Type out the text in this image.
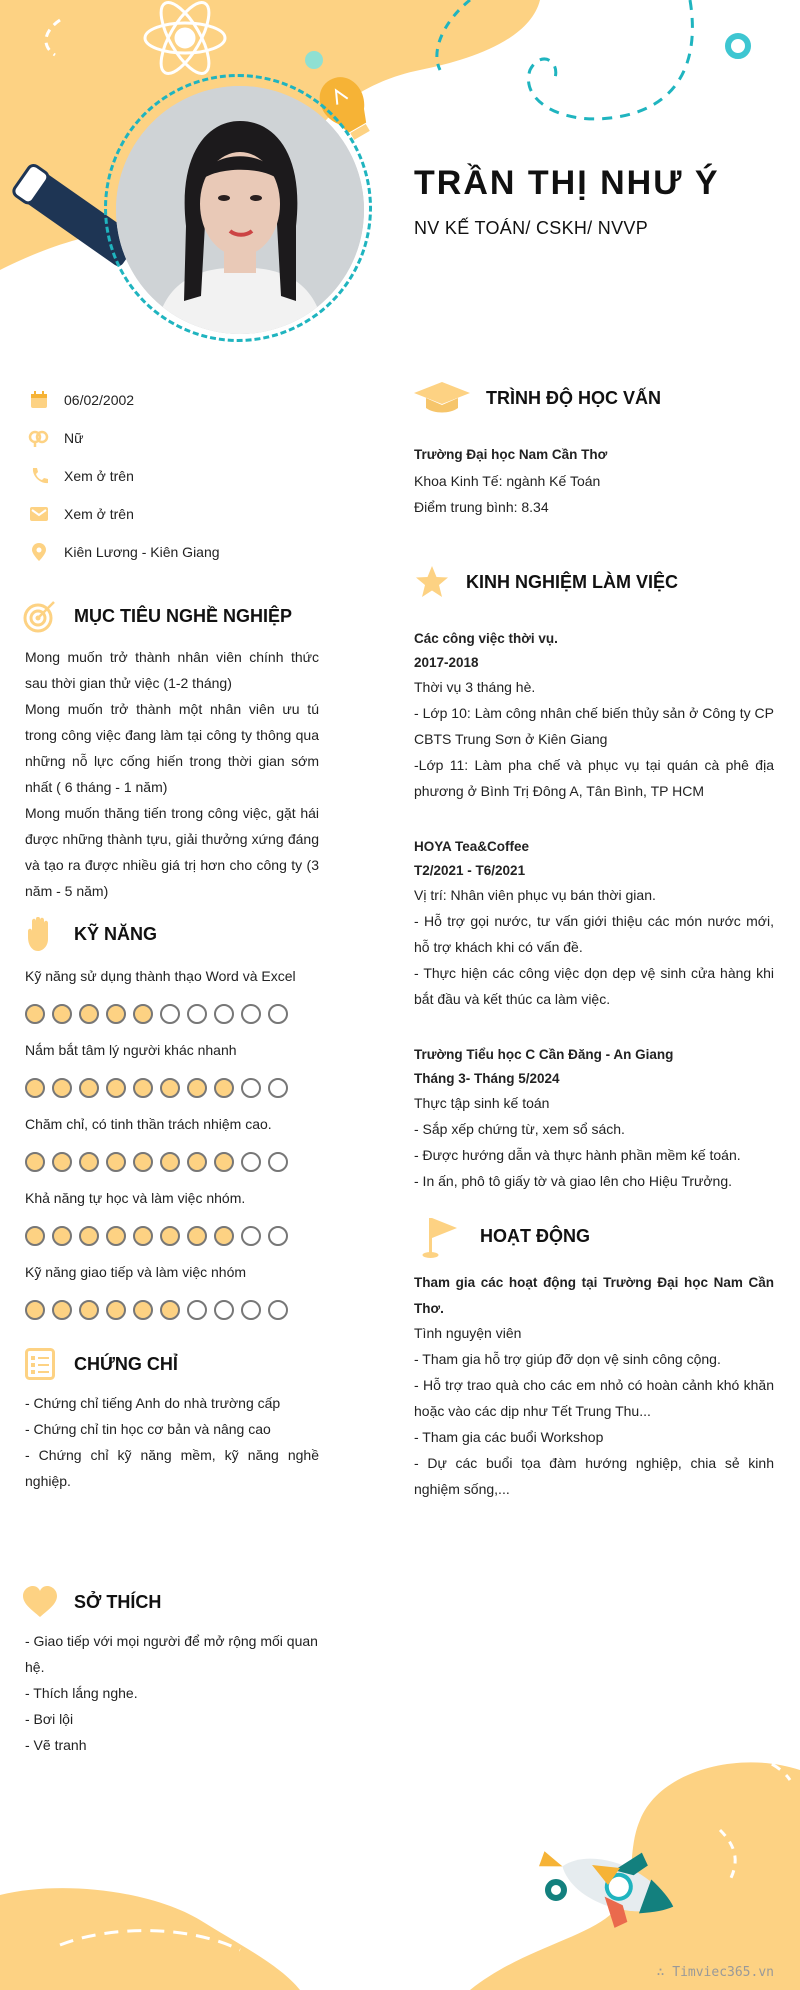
TRẦN THỊ NHƯ Ý
NV KẾ TOÁN/ CSKH/ NVVP
06/02/2002
Nữ
Xem ở trên
Xem ở trên
Kiên Lương - Kiên Giang
MỤC TIÊU NGHỀ NGHIỆP
Mong muốn trở thành nhân viên chính thức sau thời gian thử việc (1-2 tháng)
Mong muốn trở thành một nhân viên ưu tú trong công việc đang làm tại công ty thông qua những nỗ lực cống hiến trong thời gian sớm nhất ( 6 tháng - 1 năm)
Mong muốn thăng tiến trong công việc, gặt hái được những thành tựu, giải thưởng xứng đáng và tạo ra được nhiều giá trị hơn cho công ty (3 năm - 5 năm)
KỸ NĂNG
Kỹ năng sử dụng thành thạo Word và Excel
Nắm bắt tâm lý người khác nhanh
Chăm chỉ, có tinh thần trách nhiệm cao.
Khả năng tự học và làm việc nhóm.
Kỹ năng giao tiếp và làm việc nhóm
CHỨNG CHỈ
- Chứng chỉ tiếng Anh do nhà trường cấp
- Chứng chỉ tin học cơ bản và nâng cao
- Chứng chỉ kỹ năng mềm, kỹ năng nghề nghiệp.
SỞ THÍCH
- Giao tiếp với mọi người để mở rộng mối quan hệ.
- Thích lắng nghe.
- Bơi lội
- Vẽ tranh
TRÌNH ĐỘ HỌC VẤN
Trường Đại học Nam Cần Thơ
Khoa Kinh Tế: ngành Kế Toán
Điểm trung bình: 8.34
KINH NGHIỆM LÀM VIỆC
Các công việc thời vụ.
2017-2018
Thời vụ 3 tháng hè.
- Lớp 10: Làm công nhân chế biến thủy sản ở Công ty CP CBTS Trung Sơn ở Kiên Giang
-Lớp 11: Làm pha chế và phục vụ tại quán cà phê địa phương ở Bình Trị Đông A, Tân Bình, TP HCM
HOYA Tea&Coffee
T2/2021 - T6/2021
Vị trí: Nhân viên phục vụ bán thời gian.
- Hỗ trợ gọi nước, tư vấn giới thiệu các món nước mới, hỗ trợ khách khi có vấn đề.
- Thực hiện các công việc dọn dẹp vệ sinh cửa hàng khi bắt đầu và kết thúc ca làm việc.
Trường Tiểu học C Cần Đăng - An Giang
Tháng 3- Tháng 5/2024
Thực tập sinh kế toán
- Sắp xếp chứng từ, xem sổ sách.
- Được hướng dẫn và thực hành phần mềm kế toán.
- In ấn, phô tô giấy tờ và giao lên cho Hiệu Trưởng.
HOẠT ĐỘNG
Tham gia các hoạt động tại Trường Đại học Nam Cần Thơ.
Tình nguyện viên
- Tham gia hỗ trợ giúp đỡ dọn vệ sinh công cộng.
- Hỗ trợ trao quà cho các em nhỏ có hoàn cảnh khó khăn hoặc vào các dịp như Tết Trung Thu...
- Tham gia các buổi Workshop
- Dự các buổi tọa đàm hướng nghiệp, chia sẻ kinh nghiệm sống,...
∴ Timviec365.vn
